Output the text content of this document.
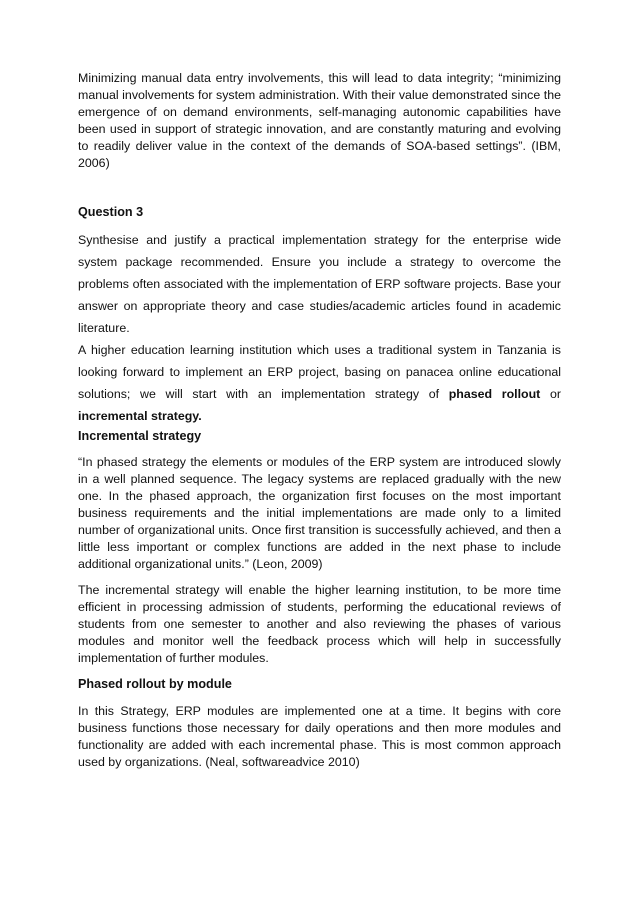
Minimizing manual data entry involvements, this will lead to data integrity; “minimizing manual involvements for system administration. With their value demonstrated since the emergence of on demand environments, self-managing autonomic capabilities have been used in support of strategic innovation, and are constantly maturing and evolving to readily deliver value in the context of the demands of SOA-based settings”. (IBM, 2006)

Question 3

Synthesise and justify a practical implementation strategy for the enterprise wide system package recommended. Ensure you include a strategy to overcome the problems often associated with the implementation of ERP software projects. Base your answer on appropriate theory and case studies/academic articles found in academic literature.

A higher education learning institution which uses a traditional system in Tanzania is looking forward to implement an ERP project, basing on panacea online educational solutions; we will start with an implementation strategy of phased rollout or incremental strategy.

Incremental strategy

“In phased strategy the elements or modules of the ERP system are introduced slowly in a well planned sequence. The legacy systems are replaced gradually with the new one. In the phased approach, the organization first focuses on the most important business requirements and the initial implementations are made only to a limited number of organizational units. Once first transition is successfully achieved, and then a little less important or complex functions are added in the next phase to include additional organizational units.” (Leon, 2009)

The incremental strategy will enable the higher learning institution, to be more time efficient in processing admission of students, performing the educational reviews of students from one semester to another and also reviewing the phases of various modules and monitor well the feedback process which will help in successfully implementation of further modules.

Phased rollout by module

In this Strategy, ERP modules are implemented one at a time. It begins with core business functions those necessary for daily operations and then more modules and functionality are added with each incremental phase. This is most common approach used by organizations. (Neal, softwareadvice 2010)
